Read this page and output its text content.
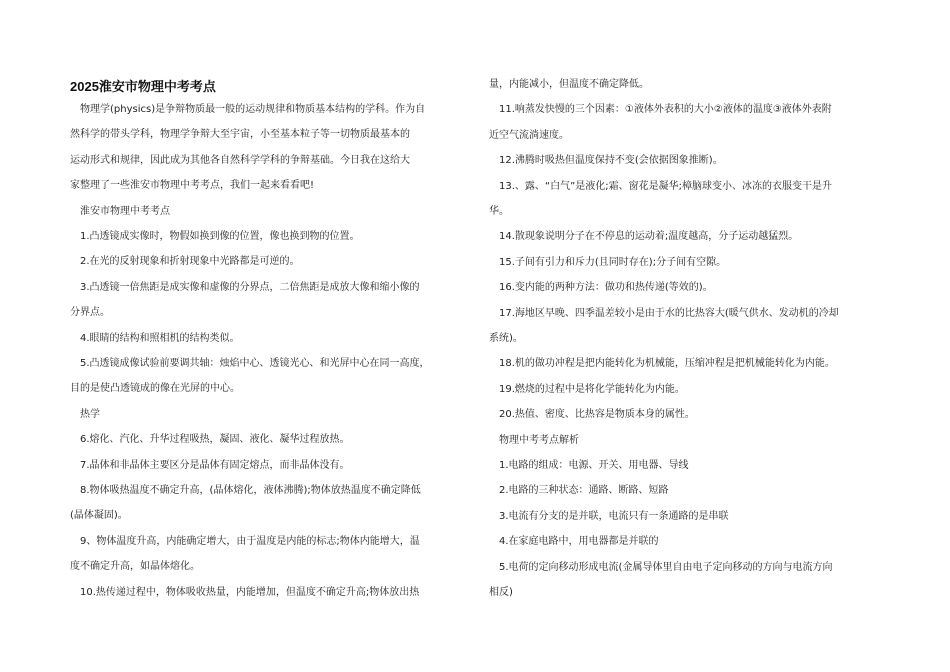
2025淮安市物理中考考点
　物理学(physics)是争辩物质最一般的运动规律和物质基本结构的学科。作为自
然科学的带头学科，物理学争辩大至宇宙，小至基本粒子等一切物质最基本的
运动形式和规律，因此成为其他各自然科学学科的争辩基础。今日我在这给大
家整理了一些淮安市物理中考考点，我们一起来看看吧!
　淮安市物理中考考点
　1.凸透镜成实像时，物假如换到像的位置，像也换到物的位置。
　2.在光的反射现象和折射现象中光路都是可逆的。
　3.凸透镜一倍焦距是成实像和虚像的分界点，二倍焦距是成放大像和缩小像的
分界点。
　4.眼睛的结构和照相机的结构类似。
　5.凸透镜成像试验前要调共轴：烛焰中心、透镜光心、和光屏中心在同一高度，
目的是使凸透镜成的像在光屏的中心。
　热学
　6.熔化、汽化、升华过程吸热，凝固、液化、凝华过程放热。
　7.晶体和非晶体主要区分是晶体有固定熔点，而非晶体没有。
　8.物体吸热温度不确定升高，(晶体熔化，液体沸腾);物体放热温度不确定降低
(晶体凝固)。
　9、物体温度升高，内能确定增大，由于温度是内能的标志;物体内能增大，温
度不确定升高，如晶体熔化。
　10.热传递过程中，物体吸收热量，内能增加，但温度不确定升高;物体放出热
量，内能减小，但温度不确定降低。
　11.响蒸发快慢的三个因素：①液体外表积的大小②液体的温度③液体外表附
近空气流淌速度。
　12.沸腾时吸热但温度保持不变(会依据图象推断)。
　13.、露、“白气”是液化;霜、窗花是凝华;樟脑球变小、冰冻的衣服变干是升
华。
　14.散现象说明分子在不停息的运动着;温度越高，分子运动越猛烈。
　15.子间有引力和斥力(且同时存在);分子间有空隙。
　16.变内能的两种方法：做功和热传递(等效的)。
　17.海地区早晚、四季温差较小是由于水的比热容大(暖气供水、发动机的冷却
系统)。
　18.机的做功冲程是把内能转化为机械能，压缩冲程是把机械能转化为内能。
　19.燃烧的过程中是将化学能转化为内能。
　20.热值、密度、比热容是物质本身的属性。
　物理中考考点解析
　1.电路的组成：电源、开关、用电器、导线
　2.电路的三种状态：通路、断路、短路
　3.电流有分支的是并联，电流只有一条通路的是串联
　4.在家庭电路中，用电器都是并联的
　5.电荷的定向移动形成电流(金属导体里自由电子定向移动的方向与电流方向
相反)
